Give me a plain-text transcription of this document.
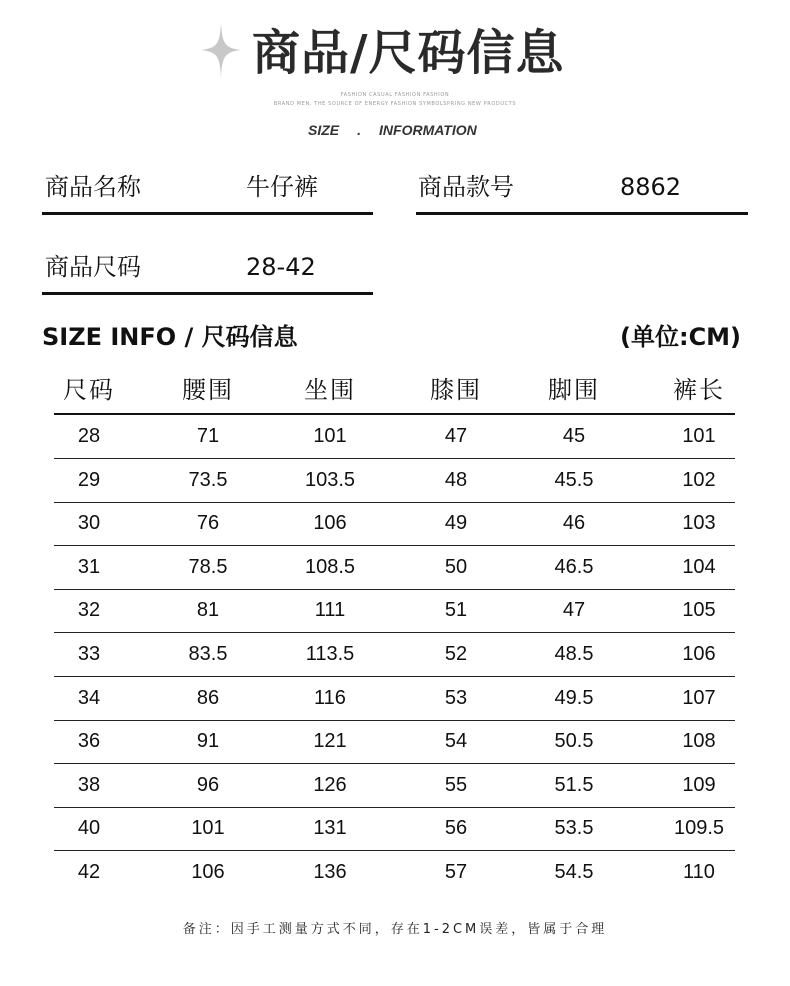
商品/尺码信息
FASHION CASUAL FASHION FASHION
BRAND MEN, THE SOURCE OF ENERGY FASHION SYMBOLSPRING NEW PRODUCTS
SIZE . INFORMATION
商品名称	牛仔裤	商品款号	8862
商品尺码	28-42
SIZE INFO / 尺码信息	(单位:CM)
尺码	腰围	坐围	膝围	脚围	裤长
28	71	101	47	45	101
29	73.5	103.5	48	45.5	102
30	76	106	49	46	103
31	78.5	108.5	50	46.5	104
32	81	111	51	47	105
33	83.5	113.5	52	48.5	106
34	86	116	53	49.5	107
36	91	121	54	50.5	108
38	96	126	55	51.5	109
40	101	131	56	53.5	109.5
42	106	136	57	54.5	110
备注：因手工测量方式不同，存在1-2CM误差，皆属于合理
